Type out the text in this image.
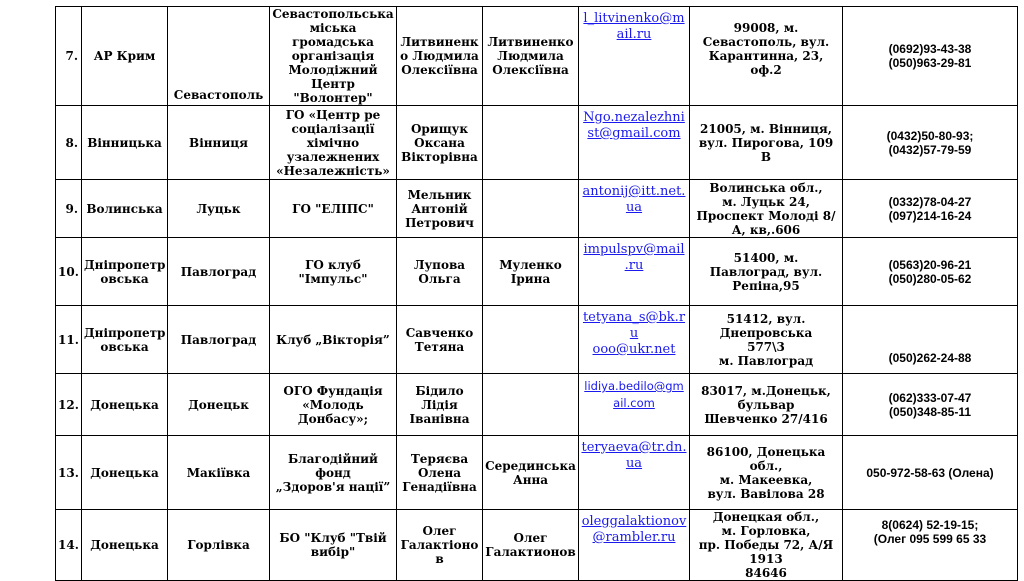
7.	АР Крим	Севастополь	Севастопольська
міська громадська
організація
Молодіжний
Центр "Волонтер"	Литвиненк
о Людмила
Олексіївна	Литвиненко
Людмила
Олексіївна	l_litvinenko@m
ail.ru	99008, м. Севастополь, вул.
Карантинна, 23, оф.2	(0692)93-43-38
(050)963-29-81
8.	Вінницька	Вінниця	ГО «Центр ре
соціалізації
хімічно
узалежнених
«Незалежність»	Орищук
Оксана
Вікторівна		Ngo.nezalezhni
st@gmail.com	21005, м. Вінниця,
вул. Пирогова, 109 В	(0432)50-80-93;
(0432)57-79-59
9.	Волинська	Луцьк	ГО "ЕЛІПС"	Мельник
Антоній
Петрович		antonij@itt.net.
ua	Волинська обл.,
м. Луцьк 24,
Проспект Молоді 8/А, кв,.606	(0332)78-04-27
(097)214-16-24
10.	Дніпропетр
овська	Павлоград	ГО клуб "Імпульс"	Лупова
Ольга	Муленко
Ірина	impulspv@mail
.ru	51400, м. Павлоград, вул.
Репіна,95	(0563)20-96-21
(050)280-05-62
11.	Дніпропетр
овська	Павлоград	Клуб „Вікторія”	Савченко
Тетяна		tetyana_s@bk.r
u
ooo@ukr.net	51412, вул. Днепровська
577\3
м. Павлоград	(050)262-24-88
12.	Донецька	Донецьк	ОГО Фундація
«Молодь Донбасу»;	Бідило
Лідія
Іванівна		lidiya.bedilo@gm
ail.com	83017, м.Донецьк, бульвар
Шевченко 27/416	(062)333-07-47
(050)348-85-11
13.	Донецька	Макіївка	Благодійний фонд
„Здоров'я нації”	Теряєва
Олена
Генадіївна	Серединська
Анна	teryaeva@tr.dn.
ua	86100, Донецька обл.,
м. Макеевка,
вул. Вавілова 28	050-972-58-63 (Олена)
14.	Донецька	Горлівка	БО "Клуб "Твій
вибір"	Олег
Галактіоно
в	Олег
Галактионов	oleggalaktionov
@rambler.ru	Донецкая обл.,
м. Горловка,
пр. Победы 72, А/Я 1913
84646	8(0624) 52-19-15;
(Олег 095 599 65 33
